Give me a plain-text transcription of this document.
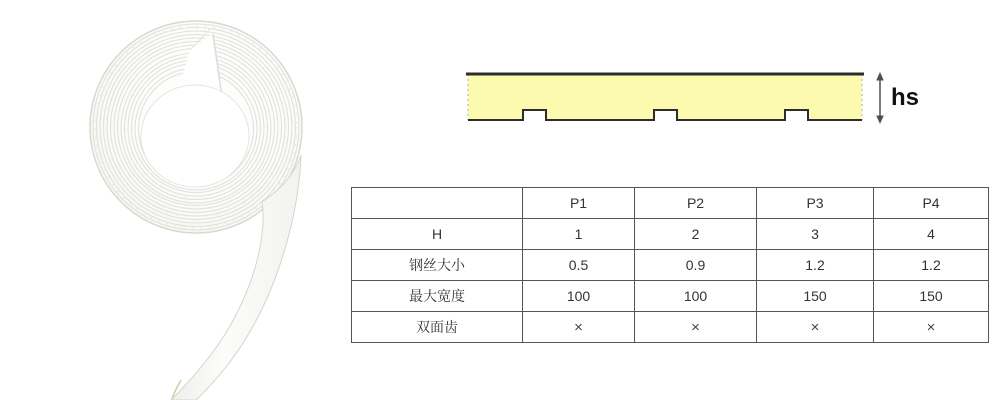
hs
	P1	P2	P3	P4
H	1	2	3	4
钢丝大小	0.5	0.9	1.2	1.2
最大宽度	100	100	150	150
双面齿	×	×	×	×
